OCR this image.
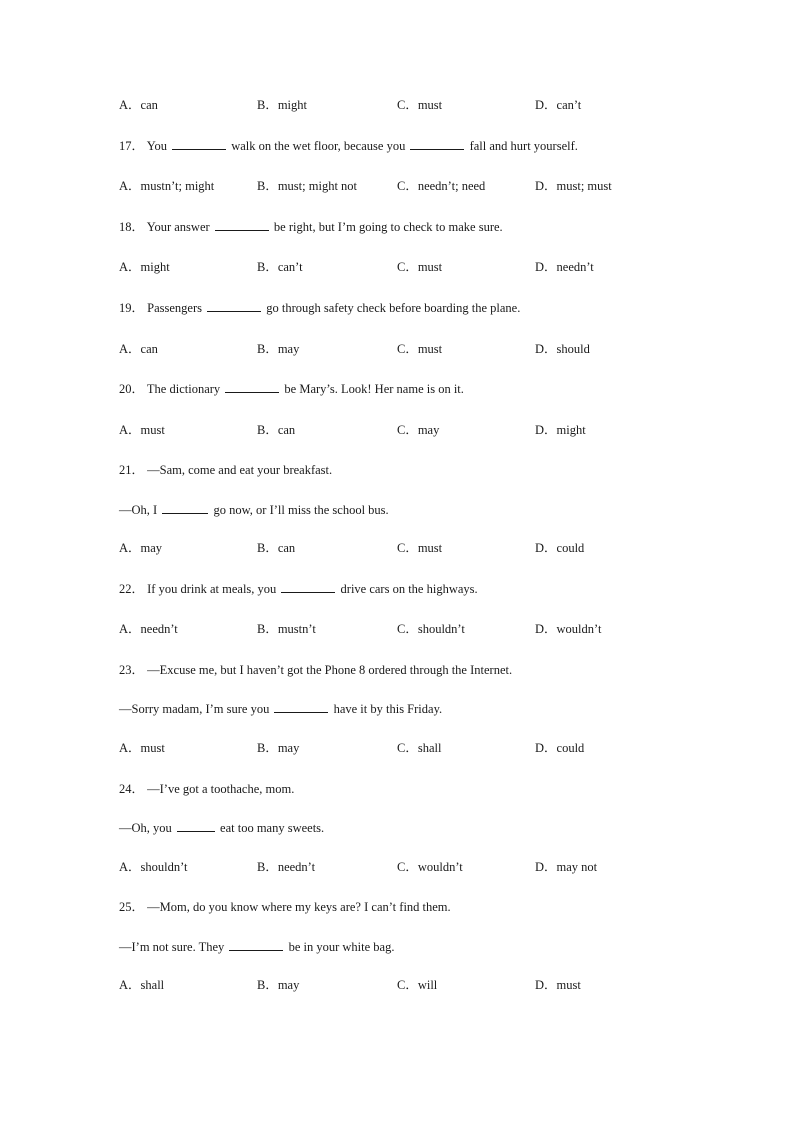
A．can	B．might	C．must	D．can’t
17． You	walk on the wet floor, because you	fall and hurt yourself.
A．mustn’t; might	B．must; might not	C．needn’t; need	D．must; must
18． Your answer	be right, but I’m going to check to make sure.
A．might	B．can’t	C．must	D．needn’t
19． Passengers	go through safety check before boarding the plane.
A．can	B．may	C．must	D．should
20． The dictionary	be Mary’s. Look! Her name is on it.
A．must	B．can	C．may	D．might
21． —Sam, come and eat your breakfast.
—Oh, I	go now, or I’ll miss the school bus.
A．may	B．can	C．must	D．could
22． If you drink at meals, you	drive cars on the highways.
A．needn’t	B．mustn’t	C．shouldn’t	D．wouldn’t
23． —Excuse me, but I haven’t got the Phone 8 ordered through the Internet.
—Sorry madam, I’m sure you	have it by this Friday.
A．must	B．may	C．shall	D．could
24． —I’ve got a toothache, mom.
—Oh, you	eat too many sweets.
A．shouldn’t	B．needn’t	C．wouldn’t	D．may not
25． —Mom, do you know where my keys are? I can’t find them.
—I’m not sure. They	be in your white bag.
A．shall	B．may	C．will	D．must
